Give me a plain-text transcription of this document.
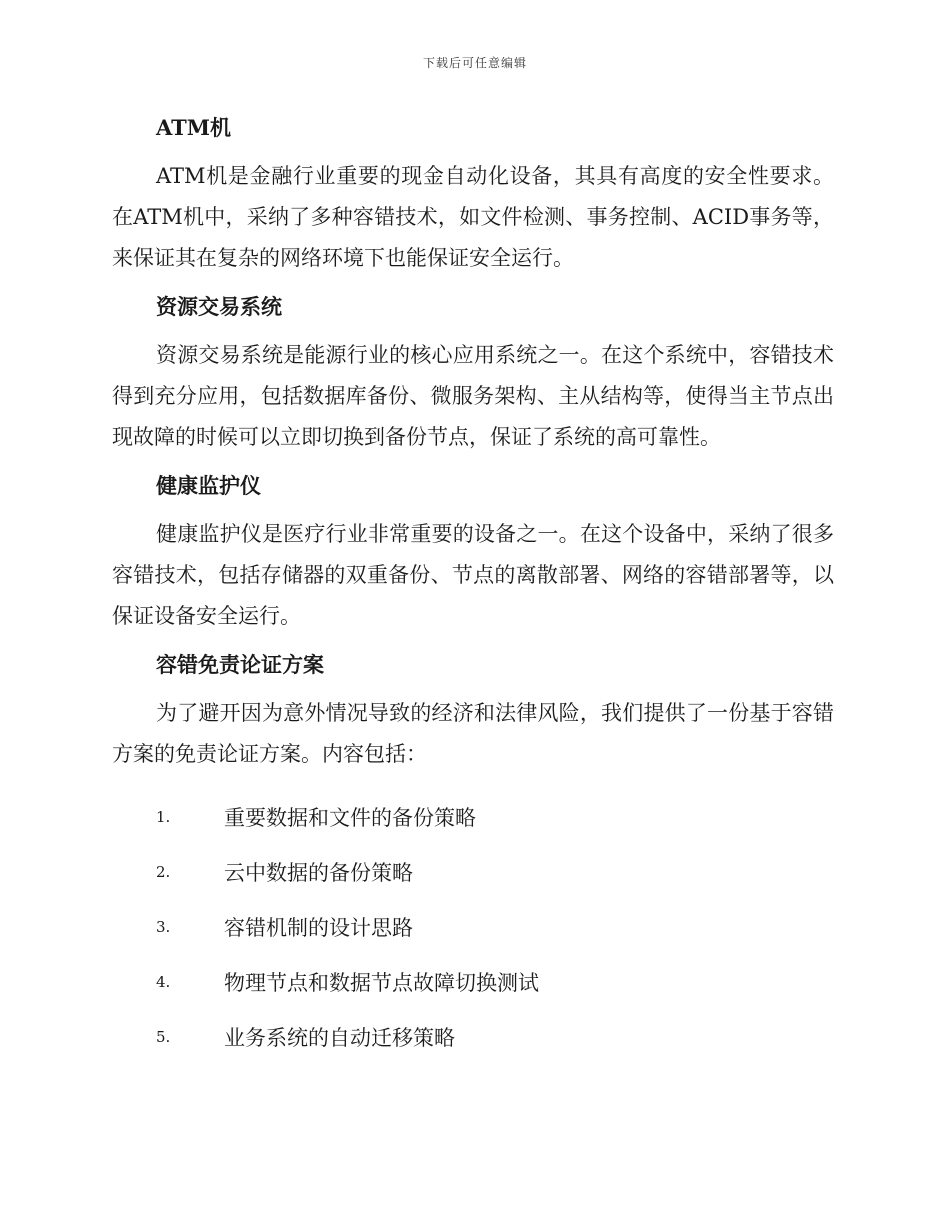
下载后可任意编辑
ATM机

ATM机是金融行业重要的现金自动化设备，其具有高度的安全性要求。在ATM机中，采纳了多种容错技术，如文件检测、事务控制、ACID事务等，来保证其在复杂的网络环境下也能保证安全运行。

资源交易系统

资源交易系统是能源行业的核心应用系统之一。在这个系统中，容错技术得到充分应用，包括数据库备份、微服务架构、主从结构等，使得当主节点出现故障的时候可以立即切换到备份节点，保证了系统的高可靠性。

健康监护仪

健康监护仪是医疗行业非常重要的设备之一。在这个设备中，采纳了很多容错技术，包括存储器的双重备份、节点的离散部署、网络的容错部署等，以保证设备安全运行。

容错免责论证方案

为了避开因为意外情况导致的经济和法律风险，我们提供了一份基于容错方案的免责论证方案。内容包括：

1.	重要数据和文件的备份策略
2.	云中数据的备份策略
3.	容错机制的设计思路
4.	物理节点和数据节点故障切换测试
5.	业务系统的自动迁移策略
